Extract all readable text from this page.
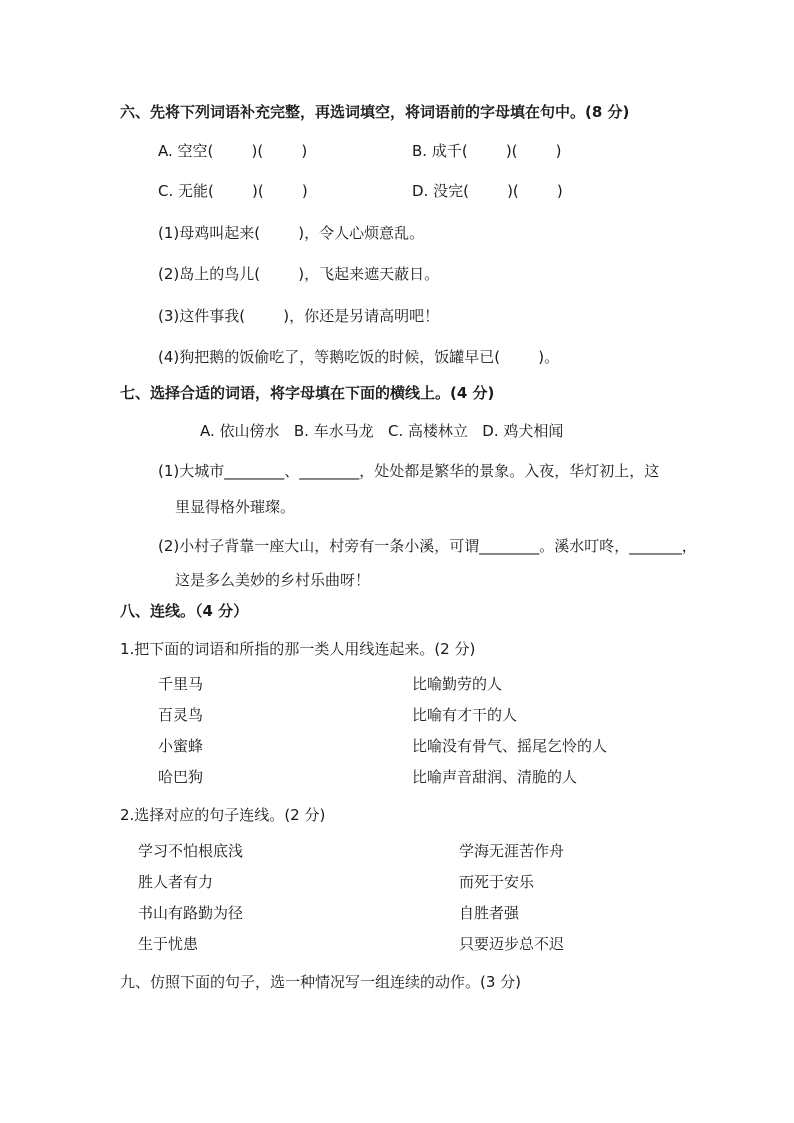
六、先将下列词语补充完整，再选词填空，将词语前的字母填在句中。(8 分)
A. 空空(        )(        )	B. 成千(        )(        )
C. 无能(        )(        )	D. 没完(        )(        )
(1)母鸡叫起来(        )，令人心烦意乱。
(2)岛上的鸟儿(        )，飞起来遮天蔽日。
(3)这件事我(        )，你还是另请高明吧！
(4)狗把鹅的饭偷吃了，等鹅吃饭的时候，饭罐早已(        )。
七、选择合适的词语，将字母填在下面的横线上。(4 分)
A. 依山傍水   B. 车水马龙   C. 高楼林立   D. 鸡犬相闻
(1)大城市________、________，处处都是繁华的景象。入夜，华灯初上，这
里显得格外璀璨。
(2)小村子背靠一座大山，村旁有一条小溪，可谓________。溪水叮咚，_______，
这是多么美妙的乡村乐曲呀！
八、连线。（4 分）
1.把下面的词语和所指的那一类人用线连起来。(2 分)
千里马
百灵鸟
小蜜蜂
哈巴狗
比喻勤劳的人
比喻有才干的人
比喻没有骨气、摇尾乞怜的人
比喻声音甜润、清脆的人
2.选择对应的句子连线。(2 分)
学习不怕根底浅
胜人者有力
书山有路勤为径
生于忧患
学海无涯苦作舟
而死于安乐
自胜者强
只要迈步总不迟
九、仿照下面的句子，选一种情况写一组连续的动作。(3 分)
